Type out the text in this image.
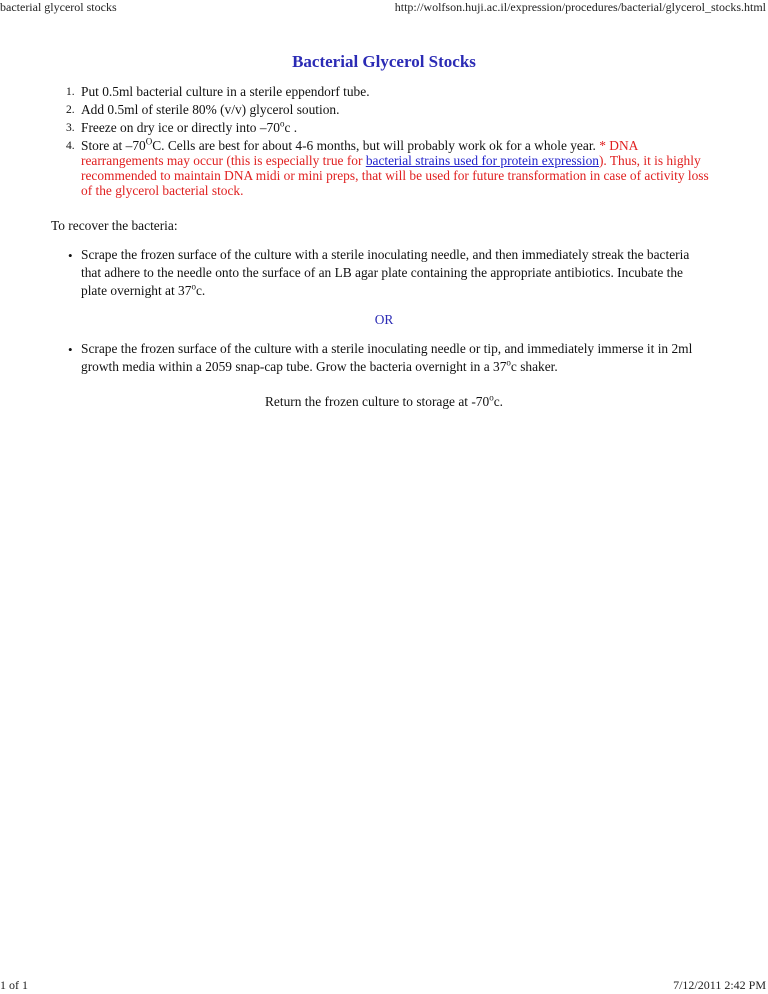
bacterial glycerol stocks	http://wolfson.huji.ac.il/expression/procedures/bacterial/glycerol_stocks.html
Bacterial Glycerol Stocks
1. Put 0.5ml bacterial culture in a sterile eppendorf tube.
2. Add 0.5ml of sterile 80% (v/v) glycerol soution.
3. Freeze on dry ice or directly into –70$^o$c .
4. Store at $-70^OC$. Cells are best for about 4-6 months, but will probably work ok for a whole year. * DNA rearrangements may occur (this is especially true for bacterial strains used for protein expression). Thus, it is highly recommended to maintain DNA midi or mini preps, that will be used for future transformation in case of activity loss of the glycerol bacterial stock.
To recover the bacteria:
• Scrape the frozen surface of the culture with a sterile inoculating needle, and then immediately streak the bacteria that adhere to the needle onto the surface of an LB agar plate containing the appropriate antibiotics. Incubate the plate overnight at 37$^o$c.
OR
• Scrape the frozen surface of the culture with a sterile inoculating needle or tip, and immediately immerse it in 2ml growth media within a 2059 snap-cap tube. Grow the bacteria overnight in a 37$^o$c shaker.
Return the frozen culture to storage at -70$^o$c.
1 of 1	7/12/2011 2:42 PM
